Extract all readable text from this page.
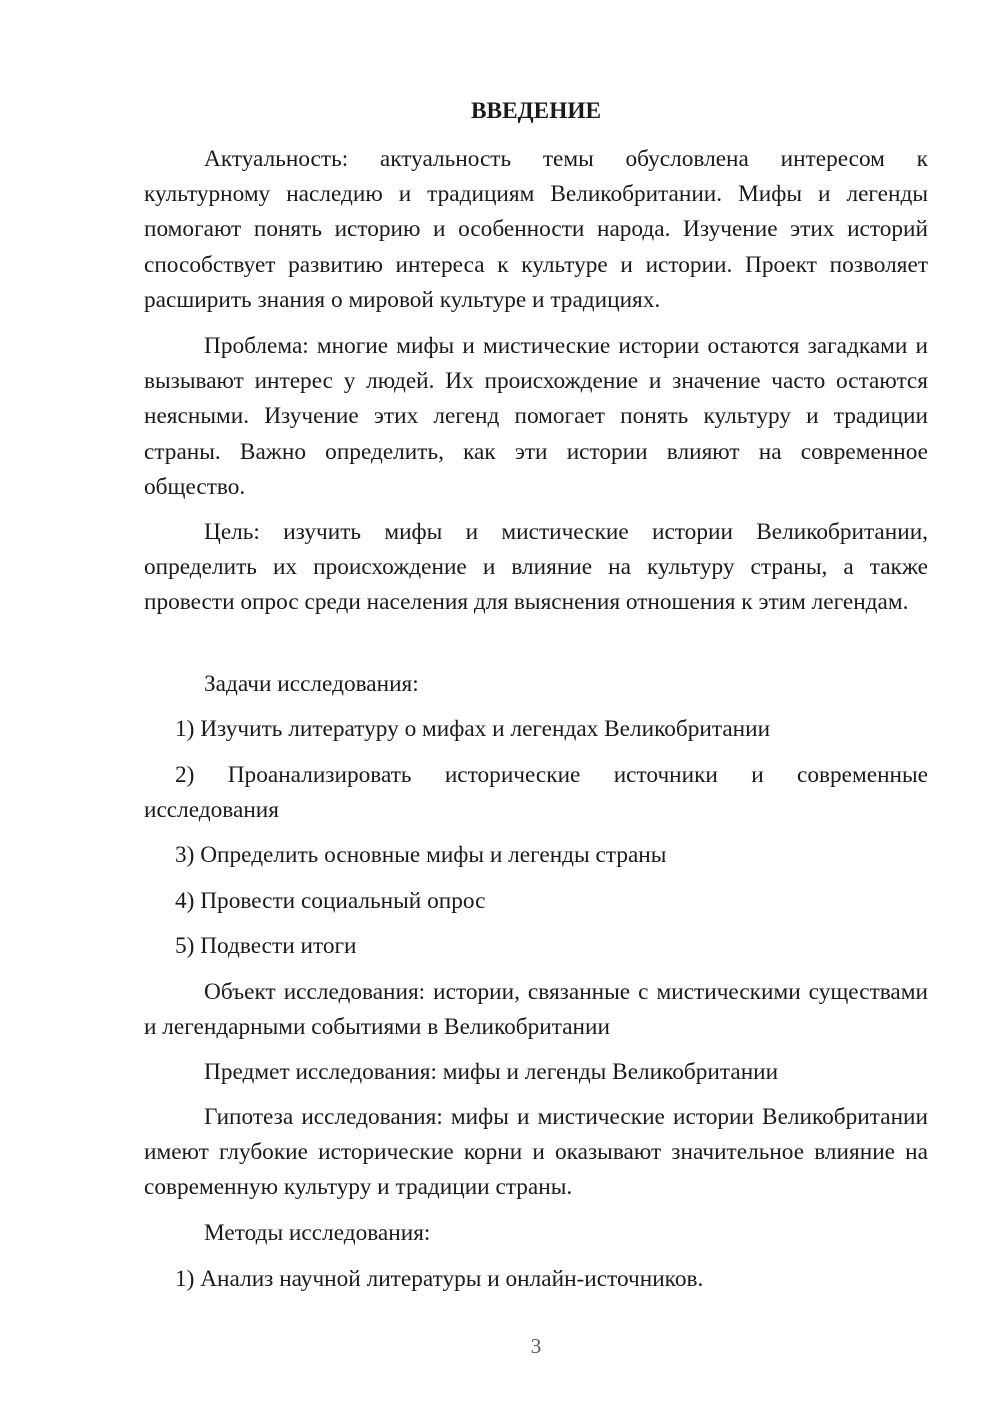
ВВЕДЕНИЕ

Актуальность: актуальность темы обусловлена интересом к культурному наследию и традициям Великобритании. Мифы и легенды помогают понять историю и особенности народа. Изучение этих историй способствует развитию интереса к культуре и истории. Проект позволяет расширить знания о мировой культуре и традициях.

Проблема: многие мифы и мистические истории остаются загадками и вызывают интерес у людей. Их происхождение и значение часто остаются неясными. Изучение этих легенд помогает понять культуру и традиции страны. Важно определить, как эти истории влияют на современное общество.

Цель: изучить мифы и мистические истории Великобритании, определить их происхождение и влияние на культуру страны, а также провести опрос среди населения для выяснения отношения к этим легендам.

Задачи исследования:

1) Изучить литературу о мифах и легендах Великобритании

2) Проанализировать исторические источники и современные исследования

3) Определить основные мифы и легенды страны

4) Провести социальный опрос

5) Подвести итоги

Объект исследования: истории, связанные с мистическими существами и легендарными событиями в Великобритании

Предмет исследования: мифы и легенды Великобритании

Гипотеза исследования: мифы и мистические истории Великобритании имеют глубокие исторические корни и оказывают значительное влияние на современную культуру и традиции страны.

Методы исследования:

1) Анализ научной литературы и онлайн-источников.

3
